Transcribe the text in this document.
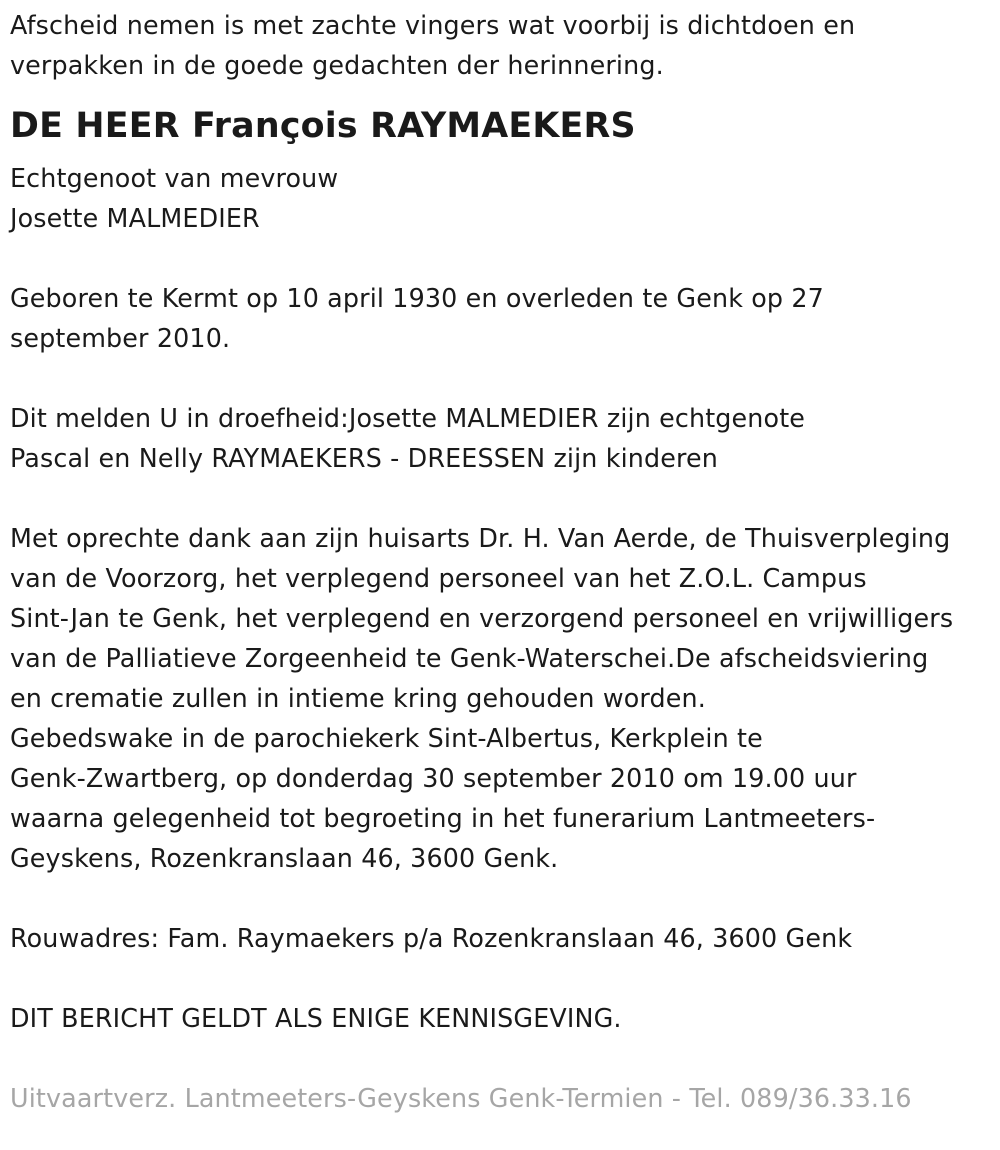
Afscheid nemen is met zachte vingers wat voorbij is dichtdoen en
verpakken in de goede gedachten der herinnering.
DE HEER François RAYMAEKERS
Echtgenoot van mevrouw
Josette MALMEDIER
Geboren te Kermt op 10 april 1930 en overleden te Genk op 27
september 2010.
Dit melden U in droefheid:Josette MALMEDIER zijn echtgenote
Pascal en Nelly RAYMAEKERS - DREESSEN zijn kinderen
Met oprechte dank aan zijn huisarts Dr. H. Van Aerde, de Thuisverpleging
van de Voorzorg, het verplegend personeel van het Z.O.L. Campus
Sint-Jan te Genk, het verplegend en verzorgend personeel en vrijwilligers
van de Palliatieve Zorgeenheid te Genk-Waterschei.De afscheidsviering
en crematie zullen in intieme kring gehouden worden.
Gebedswake in de parochiekerk Sint-Albertus, Kerkplein te
Genk-Zwartberg, op donderdag 30 september 2010 om 19.00 uur
waarna gelegenheid tot begroeting in het funerarium Lantmeeters-
Geyskens, Rozenkranslaan 46, 3600 Genk.
Rouwadres: Fam. Raymaekers p/a Rozenkranslaan 46, 3600 Genk
DIT BERICHT GELDT ALS ENIGE KENNISGEVING.
Uitvaartverz. Lantmeeters-Geyskens Genk-Termien - Tel. 089/36.33.16
